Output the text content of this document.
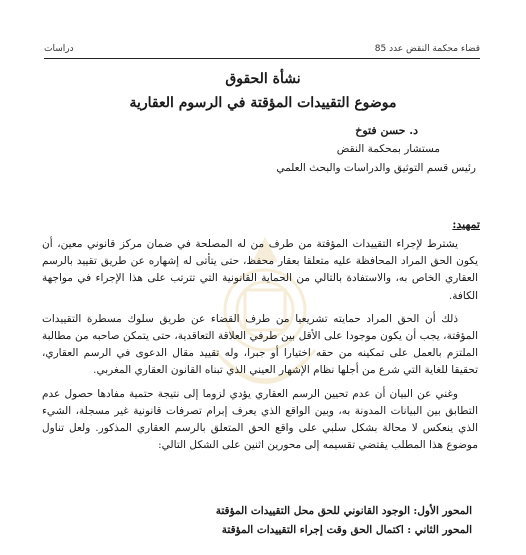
قضاء محكمة النقض عدد 85
دراسات

نشأة الحقوق

موضوع التقييدات المؤقتة في الرسوم العقارية

د. حسن فتوخ
مستشار بمحكمة النقض
رئيس قسم التوثيق والدراسات والبحث العلمي
تمهيد:

يشترط لإجراء التقييدات المؤقتة من طرف من له المصلحة في ضمان مركز قانوني معين، أن يكون الحق المراد المحافظة عليه متعلقا بعقار محفظ، حتى يتأتى له إشهاره عن طريق تقييد بالرسم العقاري الخاص به، والاستفادة بالتالي من الحماية القانونية التي تترتب على هذا الإجراء في مواجهة الكافة.

ذلك أن الحق المراد حمايته تشريعيا من طرف القضاء عن طريق سلوك مسطرة التقييدات المؤقتة، يجب أن يكون موجودا على الأقل بين طرفي العلاقة التعاقدية، حتى يتمكن صاحبه من مطالبة الملتزم بالعمل على تمكينه من حقه اختيارا أو جبرا، وله تقييد مقال الدعوى في الرسم العقاري، تحقيقا للغاية التي شرع من أجلها نظام الإشهار العيني الذي تبناه القانون العقاري المغربي.

وغني عن البيان أن عدم تحيين الرسم العقاري يؤدي لزوما إلى نتيجة حتمية مفادها حصول عدم التطابق بين البيانات المدونة به، وبين الواقع الذي يعرف إبرام تصرفات قانونية غير مسجلة، الشيء الذي ينعكس لا محالة بشكل سلبي على واقع الحق المتعلق بالرسم العقاري المذكور. ولعل تناول موضوع هذا المطلب يقتضي تقسيمه إلى محورين اثنين على الشكل التالي:

المحور الأول: الوجود القانوني للحق محل التقييدات المؤقتة
المحور الثاني : اكتمال الحق وقت إجراء التقييدات المؤقتة
